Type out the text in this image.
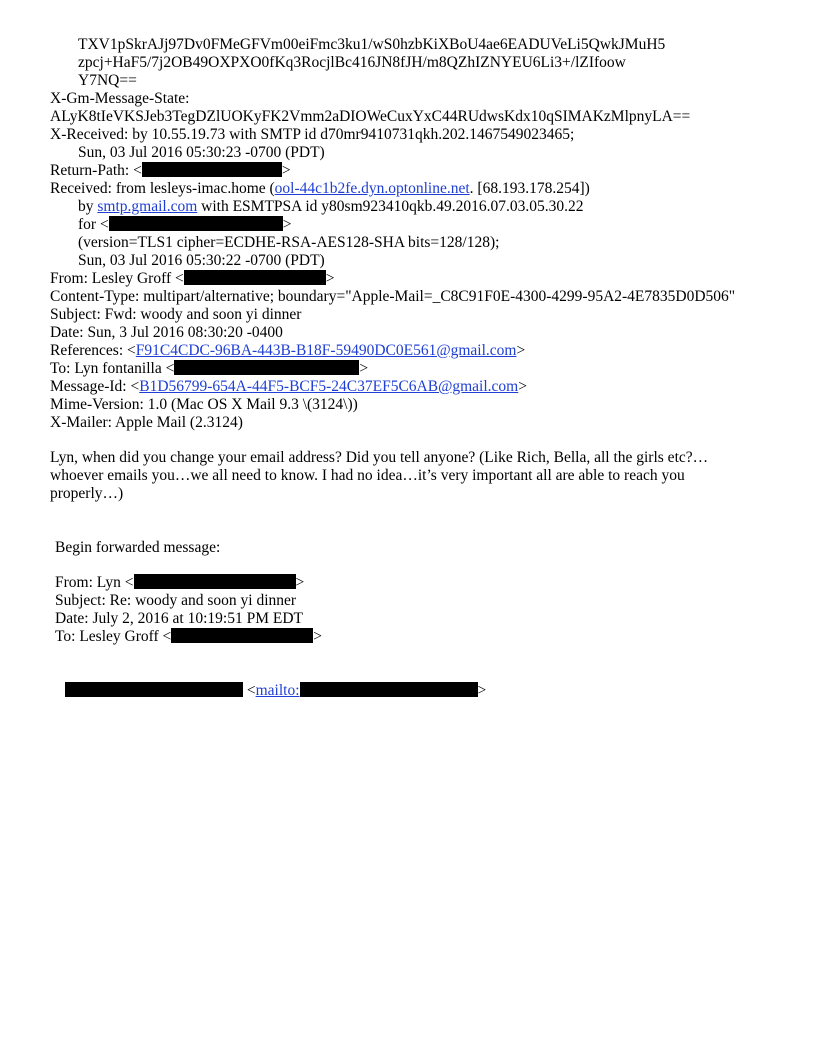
TXV1pSkrAJj97Dv0FMeGFVm00eiFmc3ku1/wS0hzbKiXBoU4ae6EADUVeLi5QwkJMuH5
zpcj+HaF5/7j2OB49OXPXO0fKq3RocjlBc416JN8fJH/m8QZhIZNYEU6Li3+/lZIfoow
Y7NQ==
X-Gm-Message-State:
ALyK8tIeVKSJeb3TegDZlUOKyFK2Vmm2aDIOWeCuxYxC44RUdwsKdx10qSIMAKzMlpnyLA==
X-Received: by 10.55.19.73 with SMTP id d70mr9410731qkh.202.1467549023465;
Sun, 03 Jul 2016 05:30:23 -0700 (PDT)
Return-Path: <	>
Received: from lesleys-imac.home (ool-44c1b2fe.dyn.optonline.net. [68.193.178.254])
by smtp.gmail.com with ESMTPSA id y80sm923410qkb.49.2016.07.03.05.30.22
for <	>
(version=TLS1 cipher=ECDHE-RSA-AES128-SHA bits=128/128);
Sun, 03 Jul 2016 05:30:22 -0700 (PDT)
From: Lesley Groff <	>
Content-Type: multipart/alternative; boundary="Apple-Mail=_C8C91F0E-4300-4299-95A2-4E7835D0D506"
Subject: Fwd: woody and soon yi dinner
Date: Sun, 3 Jul 2016 08:30:20 -0400
References: <F91C4CDC-96BA-443B-B18F-59490DC0E561@gmail.com>
To: Lyn fontanilla <	>
Message-Id: <B1D56799-654A-44F5-BCF5-24C37EF5C6AB@gmail.com>
Mime-Version: 1.0 (Mac OS X Mail 9.3 \(3124\))
X-Mailer: Apple Mail (2.3124)
Lyn, when did you change your email address? Did you tell anyone? (Like Rich, Bella, all the girls etc?… whoever emails you…we all need to know. I had no idea…it’s very important all are able to reach you properly…)
Begin forwarded message:
From: Lyn <	>
Subject: Re: woody and soon yi dinner
Date: July 2, 2016 at 10:19:51 PM EDT
To: Lesley Groff <	>
<mailto:	>
